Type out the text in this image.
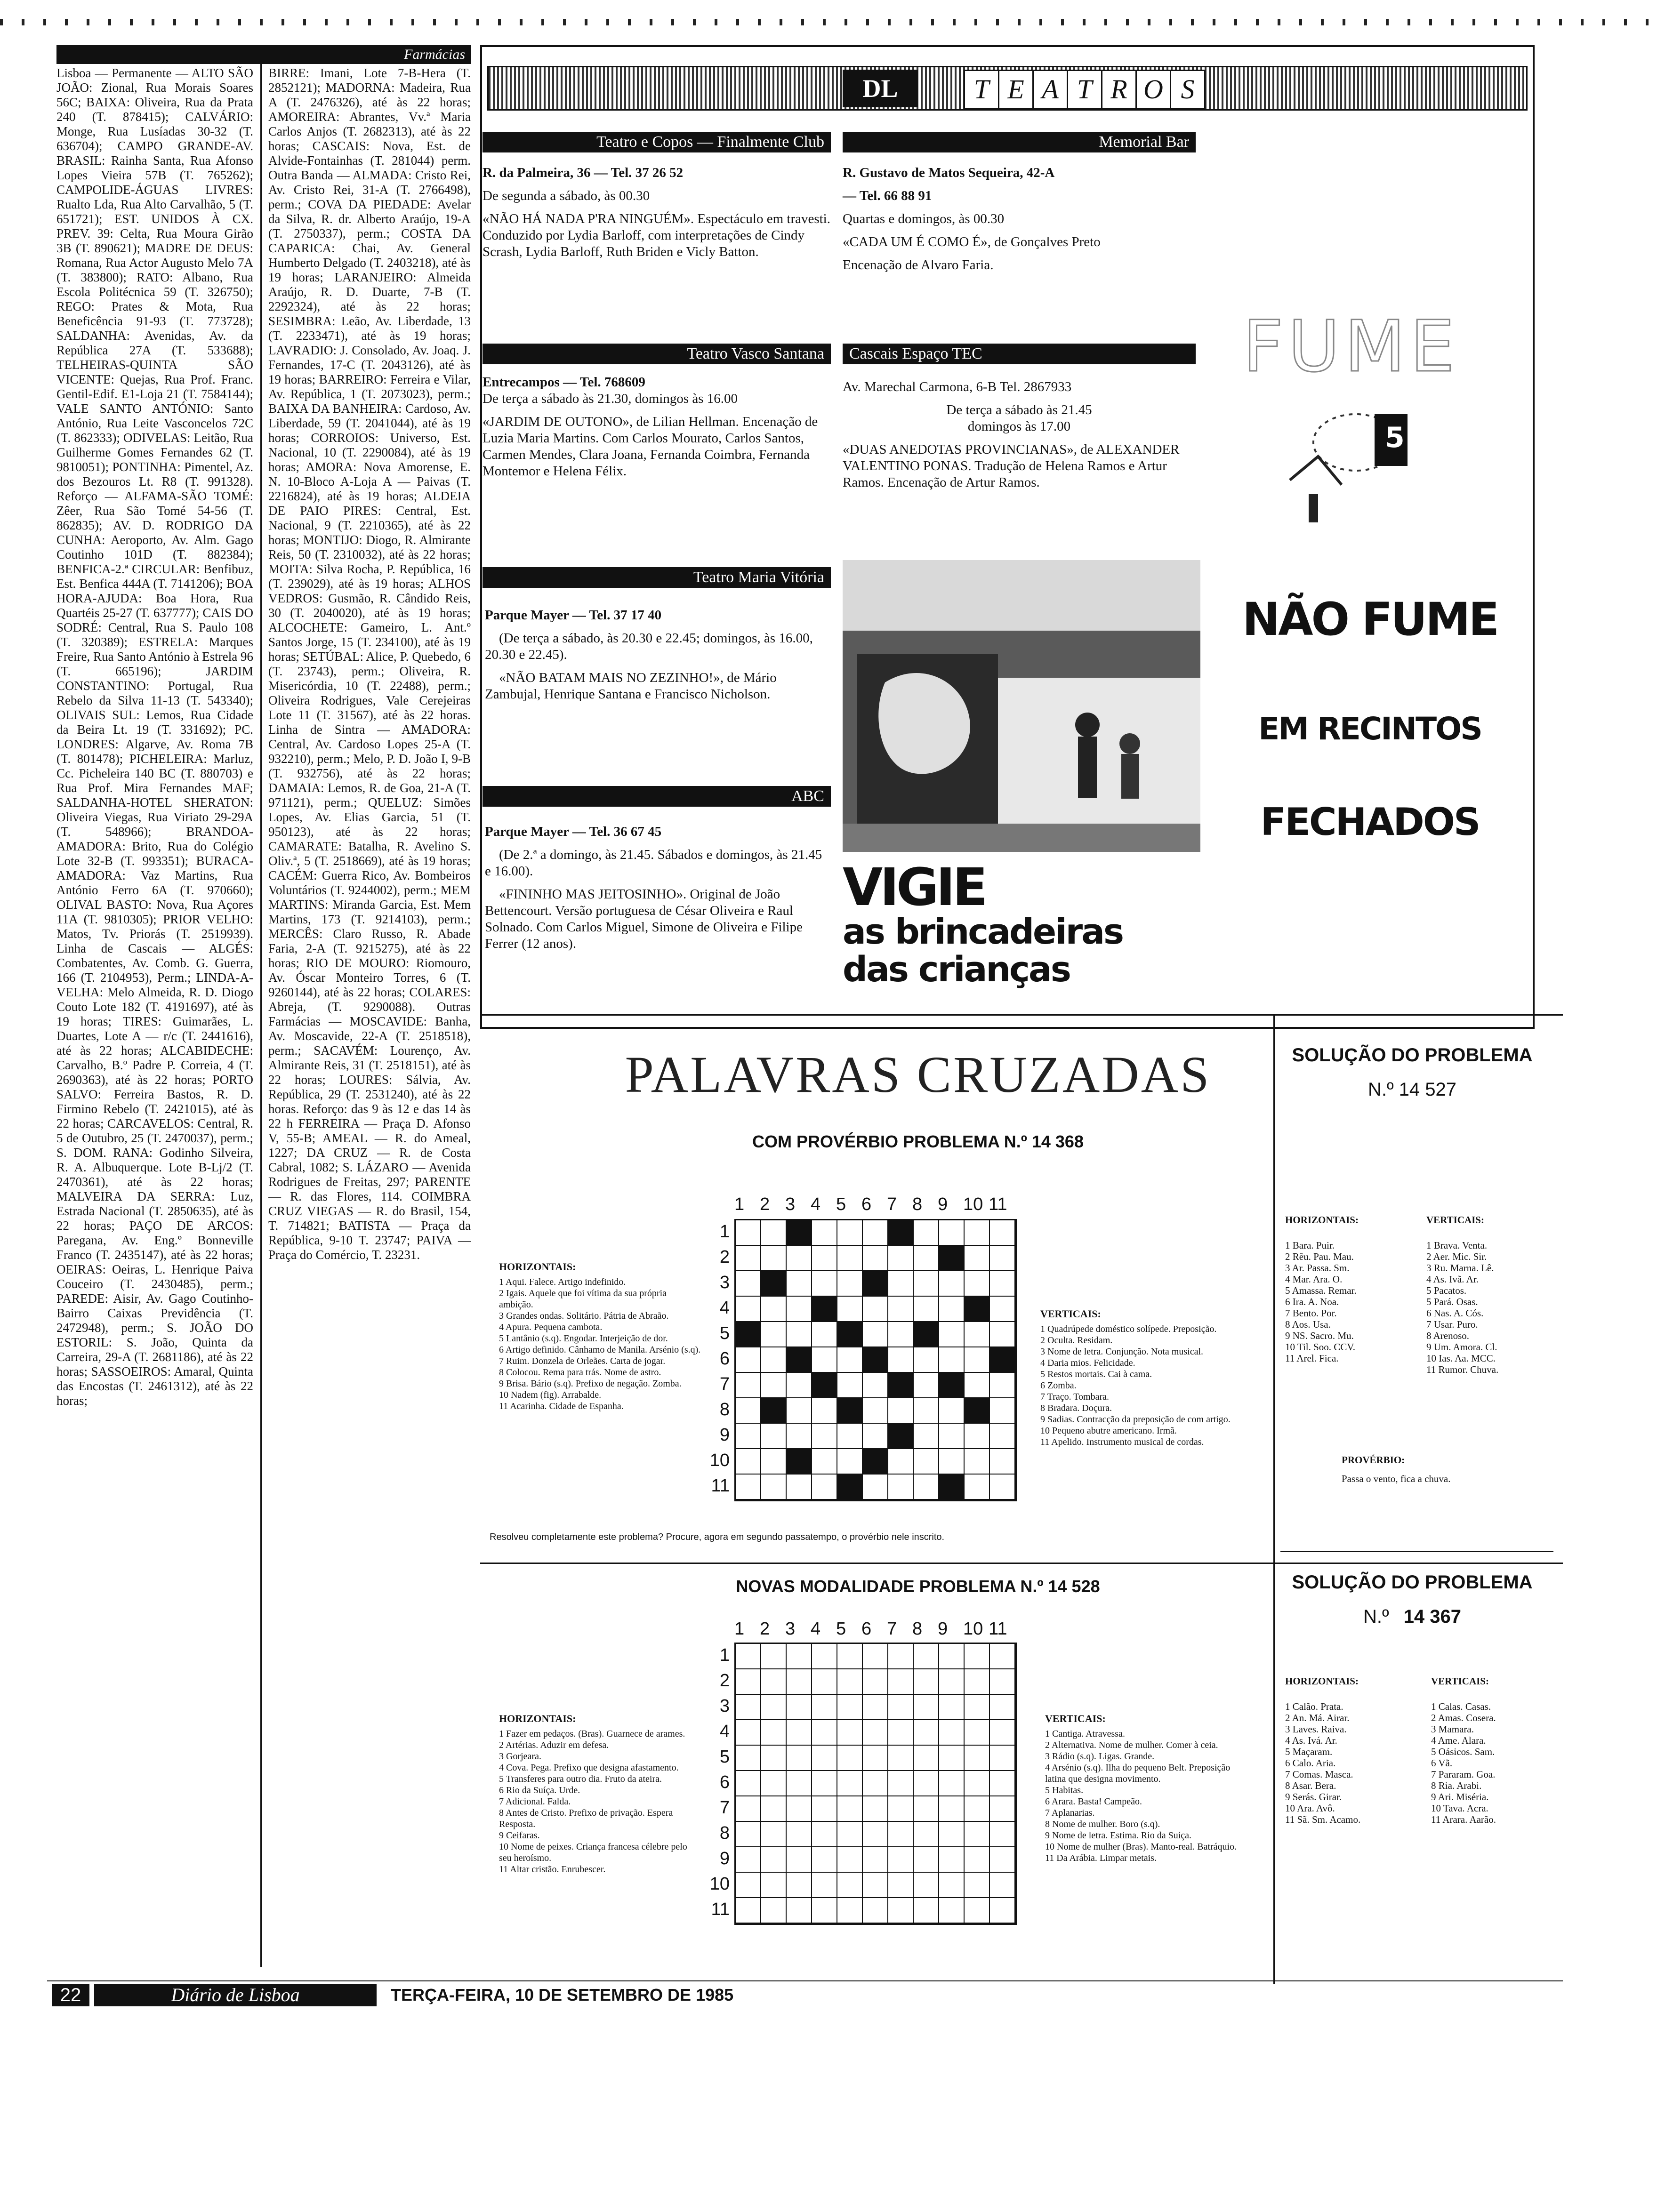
Farmácias
Lisboa — Permanente — ALTO SÃO JOÃO: Zional, Rua Morais Soares 56C; BAIXA: Oliveira, Rua da Prata 240 (T. 878415); CALVÁRIO: Monge, Rua Lusíadas 30-32 (T. 636704); CAMPO GRANDE-AV. BRASIL: Rainha Santa, Rua Afonso Lopes Vieira 57B (T. 765262); CAMPOLIDE-ÁGUAS LIVRES: Rualto Lda, Rua Alto Carvalhão, 5 (T. 651721); EST. UNIDOS À CX. PREV. 39: Celta, Rua Moura Girão 3B (T. 890621); MADRE DE DEUS: Romana, Rua Actor Augusto Melo 7A (T. 383800); RATO: Albano, Rua Escola Politécnica 59 (T. 326750); REGO: Prates & Mota, Rua Beneficência 91-93 (T. 773728); SALDANHA: Avenidas, Av. da República 27A (T. 533688); TELHEIRAS-QUINTA SÃO VICENTE: Quejas, Rua Prof. Franc. Gentil-Edif. E1-Loja 21 (T. 7584144); VALE SANTO ANTÓNIO: Santo António, Rua Leite Vasconcelos 72C (T. 862333); ODIVELAS: Leitão, Rua Guilherme Gomes Fernandes 62 (T. 9810051); PONTINHA: Pimentel, Az. dos Bezouros Lt. R8 (T. 991328). Reforço — ALFAMA-SÃO TOMÉ: Zêer, Rua São Tomé 54-56 (T. 862835); AV. D. RODRIGO DA CUNHA: Aeroporto, Av. Alm. Gago Coutinho 101D (T. 882384); BENFICA-2.ª CIRCULAR: Benfibuz, Est. Benfica 444A (T. 7141206); BOA HORA-AJUDA: Boa Hora, Rua Quartéis 25-27 (T. 637777); CAIS DO SODRÉ: Central, Rua S. Paulo 108 (T. 320389); ESTRELA: Marques Freire, Rua Santo António à Estrela 96 (T. 665196); JARDIM CONSTANTINO: Portugal, Rua Rebelo da Silva 11-13 (T. 543340); OLIVAIS SUL: Lemos, Rua Cidade da Beira Lt. 19 (T. 331692); PC. LONDRES: Algarve, Av. Roma 7B (T. 801478); PICHELEIRA: Marluz, Cc. Picheleira 140 BC (T. 880703) e Rua Prof. Mira Fernandes MAF; SALDANHA-HOTEL SHERATON: Oliveira Viegas, Rua Viriato 29-29A (T. 548966); BRANDOA-AMADORA: Brito, Rua do Colégio Lote 32-B (T. 993351); BURACA-AMADORA: Vaz Martins, Rua António Ferro 6A (T. 970660); OLIVAL BASTO: Nova, Rua Açores 11A (T. 9810305); PRIOR VELHO: Matos, Tv. Priorás (T. 2519939). Linha de Cascais — ALGÉS: Combatentes, Av. Comb. G. Guerra, 166 (T. 2104953), Perm.; LINDA-A-VELHA: Melo Almeida, R. D. Diogo Couto Lote 182 (T. 4191697), até às 19 horas; TIRES: Guimarães, L. Duartes, Lote A — r/c (T. 2441616), até às 22 horas; ALCABIDECHE: Carvalho, B.º Padre P. Correia, 4 (T. 2690363), até às 22 horas; PORTO SALVO: Ferreira Bastos, R. D. Firmino Rebelo (T. 2421015), até às 22 horas; CARCAVELOS: Central, R. 5 de Outubro, 25 (T. 2470037), perm.; S. DOM. RANA: Godinho Silveira, R. A. Albuquerque. Lote B-Lj/2 (T. 2470361), até às 22 horas; MALVEIRA DA SERRA: Luz, Estrada Nacional (T. 2850635), até às 22 horas; PAÇO DE ARCOS: Paregana, Av. Eng.º Bonneville Franco (T. 2435147), até às 22 horas; OEIRAS: Oeiras, L. Henrique Paiva Couceiro (T. 2430485), perm.; PAREDE: Aisir, Av. Gago Coutinho-Bairro Caixas Previdência (T. 2472948), perm.; S. JOÃO DO ESTORIL: S. João, Quinta da Carreira, 29-A (T. 2681186), até às 22 horas; SASSOEIROS: Amaral, Quinta das Encostas (T. 2461312), até às 22 horas;
BIRRE: Imani, Lote 7-B-Hera (T. 2852121); MADORNA: Madeira, Rua A (T. 2476326), até às 22 horas; AMOREIRA: Abrantes, Vv.ª Maria Carlos Anjos (T. 2682313), até às 22 horas; CASCAIS: Nova, Est. de Alvide-Fontainhas (T. 281044) perm. Outra Banda — ALMADA: Cristo Rei, Av. Cristo Rei, 31-A (T. 2766498), perm.; COVA DA PIEDADE: Avelar da Silva, R. dr. Alberto Araújo, 19-A (T. 2750337), perm.; COSTA DA CAPARICA: Chai, Av. General Humberto Delgado (T. 2403218), até às 19 horas; LARANJEIRO: Almeida Araújo, R. D. Duarte, 7-B (T. 2292324), até às 22 horas; SESIMBRA: Leão, Av. Liberdade, 13 (T. 2233471), até às 19 horas; LAVRADIO: J. Consolado, Av. Joaq. J. Fernandes, 17-C (T. 2043126), até às 19 horas; BARREIRO: Ferreira e Vilar, Av. República, 1 (T. 2073023), perm.; BAIXA DA BANHEIRA: Cardoso, Av. Liberdade, 59 (T. 2041044), até às 19 horas; CORROIOS: Universo, Est. Nacional, 10 (T. 2290084), até às 19 horas; AMORA: Nova Amorense, E. N. 10-Bloco A-Loja A — Paivas (T. 2216824), até às 19 horas; ALDEIA DE PAIO PIRES: Central, Est. Nacional, 9 (T. 2210365), até às 22 horas; MONTIJO: Diogo, R. Almirante Reis, 50 (T. 2310032), até às 22 horas; MOITA: Silva Rocha, P. República, 16 (T. 239029), até às 19 horas; ALHOS VEDROS: Gusmão, R. Cândido Reis, 30 (T. 2040020), até às 19 horas; ALCOCHETE: Gameiro, L. Ant.º Santos Jorge, 15 (T. 234100), até às 19 horas; SETÚBAL: Alice, P. Quebedo, 6 (T. 23743), perm.; Oliveira, R. Misericórdia, 10 (T. 22488), perm.; Oliveira Rodrigues, Vale Cerejeiras Lote 11 (T. 31567), até às 22 horas. Linha de Sintra — AMADORA: Central, Av. Cardoso Lopes 25-A (T. 932210), perm.; Melo, P. D. João I, 9-B (T. 932756), até às 22 horas; DAMAIA: Lemos, R. de Goa, 21-A (T. 971121), perm.; QUELUZ: Simões Lopes, Av. Elias Garcia, 51 (T. 950123), até às 22 horas; CAMARATE: Batalha, R. Avelino S. Oliv.ª, 5 (T. 2518669), até às 19 horas; CACÉM: Guerra Rico, Av. Bombeiros Voluntários (T. 9244002), perm.; MEM MARTINS: Miranda Garcia, Est. Mem Martins, 173 (T. 9214103), perm.; MERCÊS: Claro Russo, R. Abade Faria, 2-A (T. 9215275), até às 22 horas; RIO DE MOURO: Riomouro, Av. Óscar Monteiro Torres, 6 (T. 9260144), até às 22 horas; COLARES: Abreja, (T. 9290088). Outras Farmácias — MOSCAVIDE: Banha, Av. Moscavide, 22-A (T. 2518518), perm.; SACAVÉM: Lourenço, Av. Almirante Reis, 31 (T. 2518151), até às 22 horas; LOURES: Sálvia, Av. República, 29 (T. 2531240), até às 22 horas. Reforço: das 9 às 12 e das 14 às 22 h FERREIRA — Praça D. Afonso V, 55-B; AMEAL — R. do Ameal, 1227; DA CRUZ — R. de Costa Cabral, 1082; S. LÁZARO — Avenida Rodrigues de Freitas, 297; PARENTE — R. das Flores, 114. COIMBRA CRUZ VIEGAS — R. do Brasil, 154, T. 714821; BATISTA — Praça da República, 9-10 T. 23747; PAIVA — Praça do Comércio, T. 23231.
DL	T E A T R O S
Teatro e Copos — Finalmente Club

R. da Palmeira, 36 — Tel. 37 26 52

De segunda a sábado, às 00.30

«NÃO HÁ NADA P'RA NINGUÉM». Espectáculo em travesti. Conduzido por Lydia Barloff, com interpretações de Cindy Scrash, Lydia Barloff, Ruth Briden e Vicly Batton.

Memorial Bar

R. Gustavo de Matos Sequeira, 42-A

— Tel. 66 88 91

Quartas e domingos, às 00.30

«CADA UM É COMO É», de Gonçalves Preto

Encenação de Alvaro Faria.

Teatro Vasco Santana

Entrecampos — Tel. 768609

De terça a sábado às 21.30, domingos às 16.00

«JARDIM DE OUTONO», de Lilian Hellman. Encenação de Luzia Maria Martins. Com Carlos Mourato, Carlos Santos, Carmen Mendes, Clara Joana, Fernanda Coimbra, Fernanda Montemor e Helena Félix.

Cascais Espaço TEC

Av. Marechal Carmona, 6-B Tel. 2867933

De terça a sábado às 21.45

domingos às 17.00

«DUAS ANEDOTAS PROVINCIANAS», de ALEXANDER VALENTINO PONAS. Tradução de Helena Ramos e Artur Ramos. Encenação de Artur Ramos.

Teatro Maria Vitória

Parque Mayer — Tel. 37 17 40

(De terça a sábado, às 20.30 e 22.45; domingos, às 16.00, 20.30 e 22.45).

«NÃO BATAM MAIS NO ZEZINHO!», de Mário Zambujal, Henrique Santana e Francisco Nicholson.

ABC

Parque Mayer — Tel. 36 67 45

(De 2.ª a domingo, às 21.45. Sábados e domingos, às 21.45 e 16.00).

«FININHO MAS JEITOSINHO». Original de João Bettencourt. Versão portuguesa de César Oliveira e Raul Solnado. Com Carlos Miguel, Simone de Oliveira e Filipe Ferrer (12 anos).

VIGIE
as brincadeiras
das crianças
FUME
5
NÃO FUME
EM RECINTOS
FECHADOS
PALAVRAS CRUZADAS
COM PROVÉRBIO PROBLEMA N.º 14 368
1 2 3 4 5 6 7 8 9 10 11
1
2
3
4
5
6
7
8
9
10
11
HORIZONTAIS:
1 Aqui. Falece. Artigo indefinido.
2 Igais. Aquele que foi vítima da sua própria ambição.
3 Grandes ondas. Solitário. Pátria de Abraão.
4 Apura. Pequena cambota.
5 Lantânio (s.q). Engodar. Interjeição de dor.
6 Artigo definido. Cânhamo de Manila. Arsénio (s.q).
7 Ruim. Donzela de Orleães. Carta de jogar.
8 Colocou. Rema para trás. Nome de astro.
9 Brisa. Bário (s.q). Prefixo de negação. Zomba.
10 Nadem (fig). Arrabalde.
11 Acarinha. Cidade de Espanha.
VERTICAIS:
1 Quadrúpede doméstico solípede. Preposição.
2 Oculta. Residam.
3 Nome de letra. Conjunção. Nota musical.
4 Daria mios. Felicidade.
5 Restos mortais. Cai à cama.
6 Zomba.
7 Traço. Tombara.
8 Bradara. Doçura.
9 Sadias. Contracção da preposição de com artigo.
10 Pequeno abutre americano. Irmã.
11 Apelido. Instrumento musical de cordas.
Resolveu completamente este problema? Procure, agora em segundo passatempo, o provérbio nele inscrito.
NOVAS MODALIDADE PROBLEMA N.º 14 528
1 2 3 4 5 6 7 8 9 10 11
1
2
3
4
5
6
7
8
9
10
11
HORIZONTAIS:
1 Fazer em pedaços. (Bras). Guarnece de arames.
2 Artérias. Aduzir em defesa.
3 Gorjeara.
4 Cova. Pega. Prefixo que designa afastamento.
5 Transferes para outro dia. Fruto da ateira.
6 Rio da Suíça. Urde.
7 Adicional. Falda.
8 Antes de Cristo. Prefixo de privação. Espera Resposta.
9 Ceifaras.
10 Nome de peixes. Criança francesa célebre pelo seu heroísmo.
11 Altar cristão. Enrubescer.
VERTICAIS:
1 Cantiga. Atravessa.
2 Alternativa. Nome de mulher. Comer à ceia.
3 Rádio (s.q). Ligas. Grande.
4 Arsénio (s.q). Ilha do pequeno Belt. Preposição latina que designa movimento.
5 Habitas.
6 Arara. Basta! Campeão.
7 Aplanarias.
8 Nome de mulher. Boro (s.q).
9 Nome de letra. Estima. Rio da Suíça.
10 Nome de mulher (Bras). Manto-real. Batráquio.
11 Da Arábia. Limpar metais.
SOLUÇÃO DO PROBLEMA
N.º 14 527
HORIZONTAIS:
1 Bara. Puir.
2 Rêu. Pau. Mau.
3 Ar. Passa. Sm.
4 Mar. Ara. O.
5 Amassa. Remar.
6 Ira. A. Noa.
7 Bento. Por.
8 Aos. Usa.
9 NS. Sacro. Mu.
10 Til. Soo. CCV.
11 Arel. Fica.
VERTICAIS:
1 Brava. Venta.
2 Aer. Mic. Sir.
3 Ru. Marna. Lê.
4 As. Ivã. Ar.
5 Pacatos.
5 Pará. Osas.
6 Nas. A. Cós.
7 Usar. Puro.
8 Arenoso.
9 Um. Amora. Cl.
10 Ias. Aa. MCC.
11 Rumor. Chuva.
PROVÉRBIO:
Passa o vento, fica a chuva.
SOLUÇÃO DO PROBLEMA
N.º 14 367
HORIZONTAIS:
1 Calão. Prata.
2 An. Má. Airar.
3 Laves. Raiva.
4 As. Ivá. Ar.
5 Maçaram.
6 Calo. Aria.
7 Comas. Masca.
8 Asar. Bera.
9 Serás. Girar.
10 Ara. Avô.
11 Sã. Sm. Acamo.
VERTICAIS:
1 Calas. Casas.
2 Amas. Cosera.
3 Mamara.
4 Ame. Alara.
5 Oásicos. Sam.
6 Vã.
7 Pararam. Goa.
8 Ria. Arabi.
9 Ari. Miséria.
10 Tava. Acra.
11 Arara. Aarão.
22	Diário de Lisboa	TERÇA-FEIRA, 10 DE SETEMBRO DE 1985
